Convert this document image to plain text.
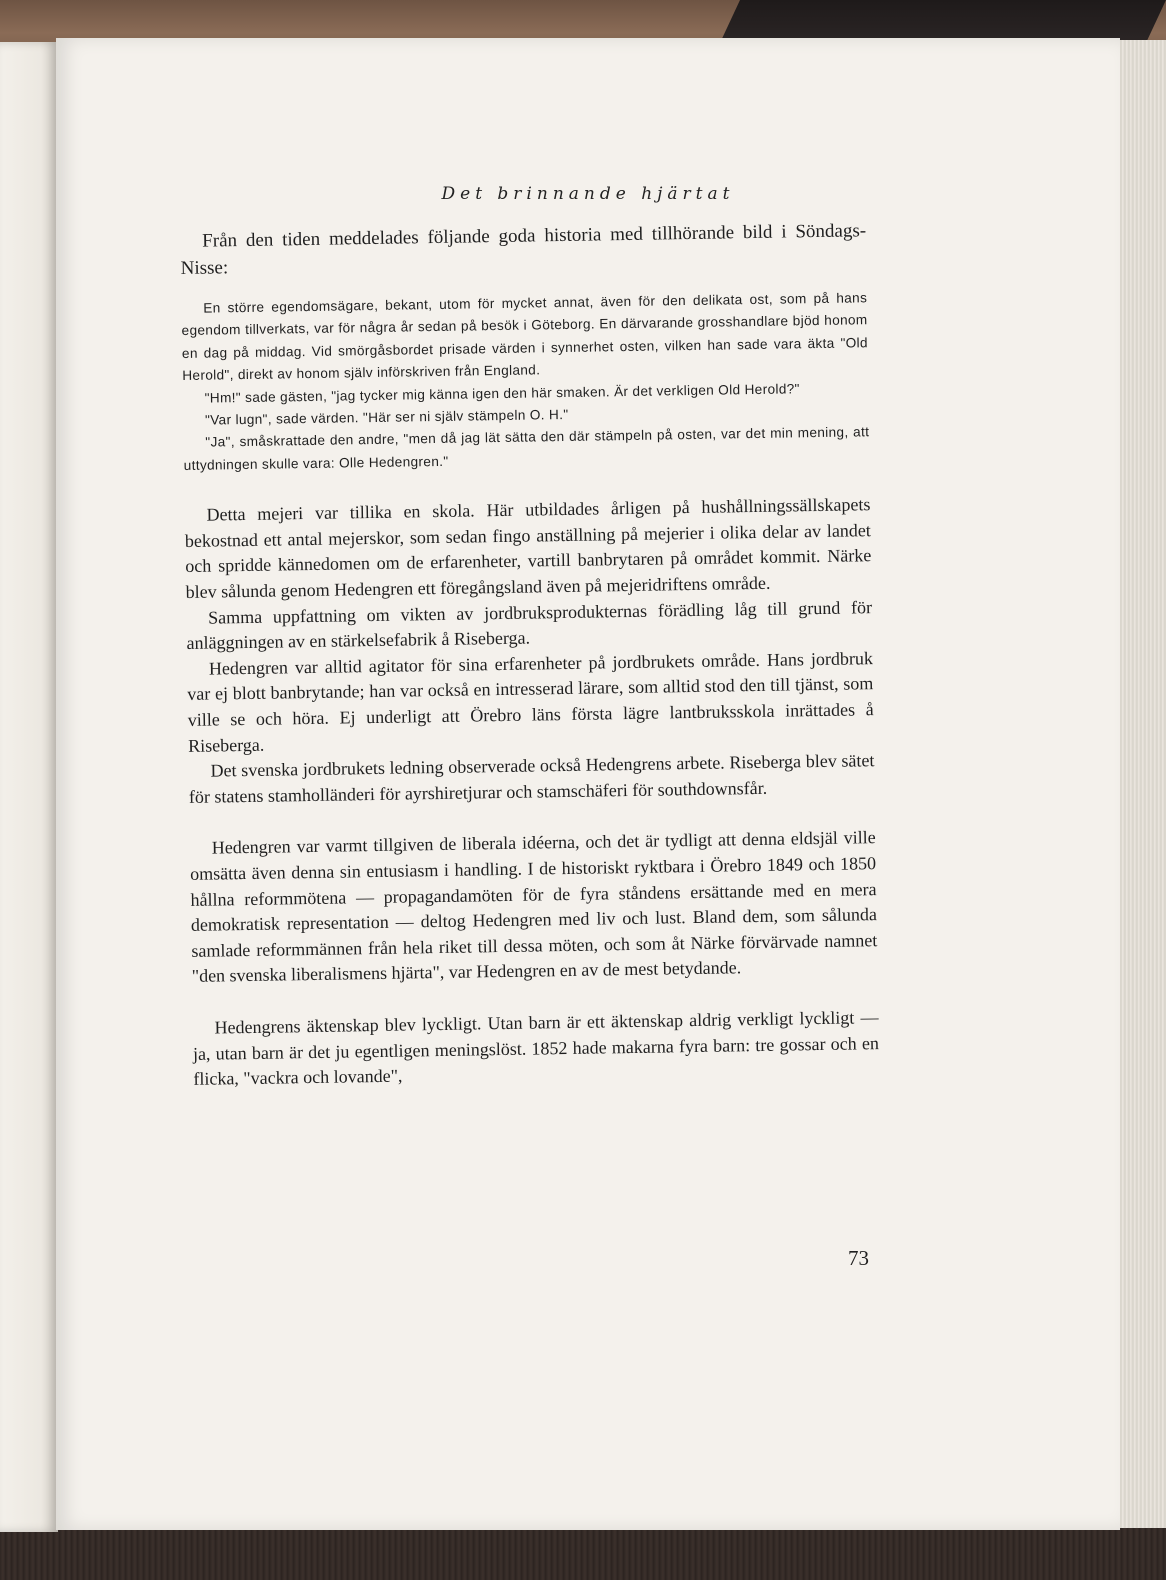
Det brinnande hjärtat

Från den tiden meddelades följande goda historia med tillhörande bild i Söndags-Nisse:

En större egendomsägare, bekant, utom för mycket annat, även för den delikata ost, som på hans egendom tillverkats, var för några år sedan på besök i Göteborg. En därvarande grosshandlare bjöd honom en dag på middag. Vid smörgåsbordet prisade värden i synnerhet osten, vilken han sade vara äkta "Old Herold", direkt av honom själv införskriven från England.

"Hm!" sade gästen, "jag tycker mig känna igen den här smaken. Är det verkligen Old Herold?"

"Var lugn", sade värden. "Här ser ni själv stämpeln O. H."

"Ja", småskrattade den andre, "men då jag lät sätta den där stämpeln på osten, var det min mening, att uttydningen skulle vara: Olle Hedengren."

Detta mejeri var tillika en skola. Här utbildades årligen på hushållningssällskapets bekostnad ett antal mejerskor, som sedan fingo anställning på mejerier i olika delar av landet och spridde kännedomen om de erfarenheter, vartill banbrytaren på området kommit. Närke blev sålunda genom Hedengren ett föregångsland även på mejeridriftens område.

Samma uppfattning om vikten av jordbruksprodukternas förädling låg till grund för anläggningen av en stärkelsefabrik å Riseberga.

Hedengren var alltid agitator för sina erfarenheter på jordbrukets område. Hans jordbruk var ej blott banbrytande; han var också en intresserad lärare, som alltid stod den till tjänst, som ville se och höra. Ej underligt att Örebro läns första lägre lantbruksskola inrättades å Riseberga.

Det svenska jordbrukets ledning observerade också Hedengrens arbete. Riseberga blev sätet för statens stamholländeri för ayrshiretjurar och stamschäferi för southdownsfår.

Hedengren var varmt tillgiven de liberala idéerna, och det är tydligt att denna eldsjäl ville omsätta även denna sin entusiasm i handling. I de historiskt ryktbara i Örebro 1849 och 1850 hållna reformmötena — propagandamöten för de fyra ståndens ersättande med en mera demokratisk representation — deltog Hedengren med liv och lust. Bland dem, som sålunda samlade reformmännen från hela riket till dessa möten, och som åt Närke förvärvade namnet "den svenska liberalismens hjärta", var Hedengren en av de mest betydande.

Hedengrens äktenskap blev lyckligt. Utan barn är ett äktenskap aldrig verkligt lyckligt — ja, utan barn är det ju egentligen meningslöst. 1852 hade makarna fyra barn: tre gossar och en flicka, "vackra och lovande",

73
